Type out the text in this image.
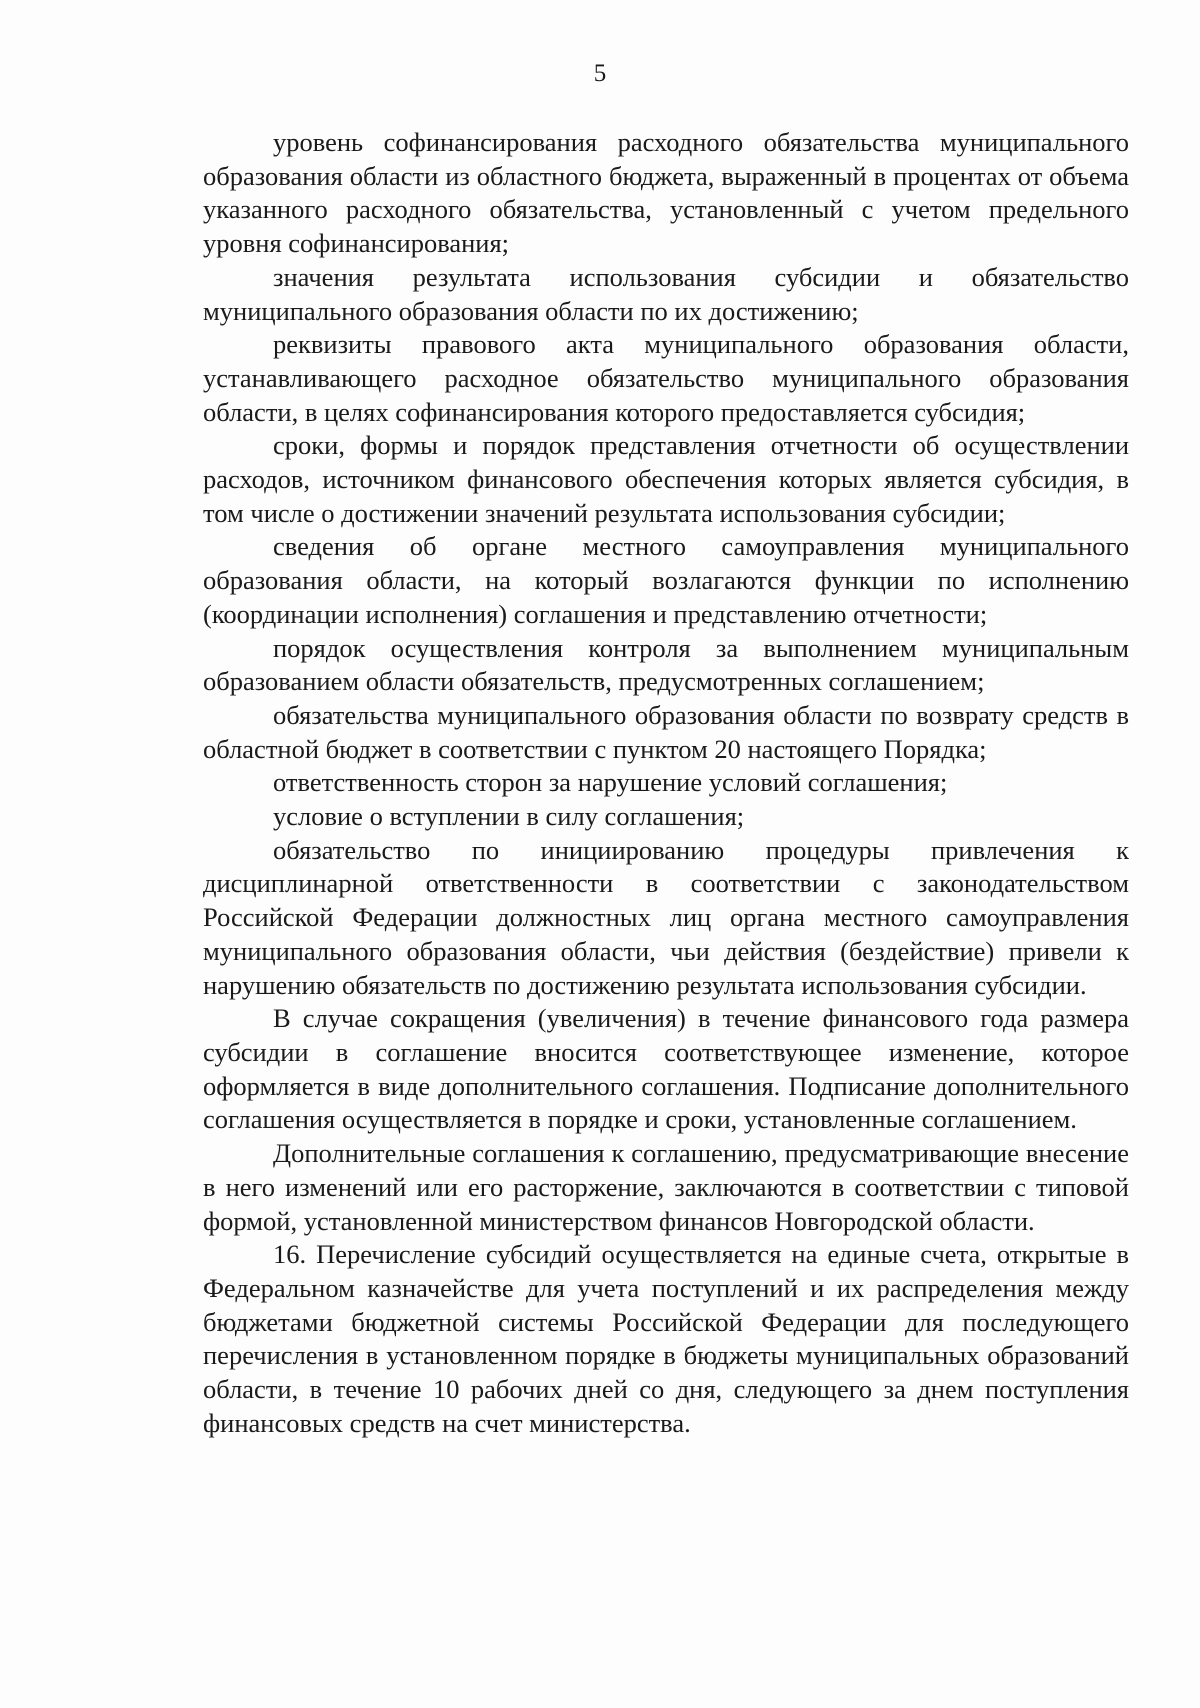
5

уровень софинансирования расходного обязательства муниципального образования области из областного бюджета, выраженный в процентах от объема указанного расходного обязательства, установленный с учетом предельного уровня софинансирования;

значения результата использования субсидии и обязательство муниципального образования области по их достижению;

реквизиты правового акта муниципального образования области, устанавливающего расходное обязательство муниципального образования области, в целях софинансирования которого предоставляется субсидия;

сроки, формы и порядок представления отчетности об осуществлении расходов, источником финансового обеспечения которых является субсидия, в том числе о достижении значений результата использования субсидии;

сведения об органе местного самоуправления муниципального образования области, на который возлагаются функции по исполнению (координации исполнения) соглашения и представлению отчетности;

порядок осуществления контроля за выполнением муниципальным образованием области обязательств, предусмотренных соглашением;

обязательства муниципального образования области по возврату средств в областной бюджет в соответствии с пунктом 20 настоящего Порядка;

ответственность сторон за нарушение условий соглашения;

условие о вступлении в силу соглашения;

обязательство по инициированию процедуры привлечения к дисциплинарной ответственности в соответствии с законодательством Российской Федерации должностных лиц органа местного самоуправления муниципального образования области, чьи действия (бездействие) привели к нарушению обязательств по достижению результата использования субсидии.

В случае сокращения (увеличения) в течение финансового года размера субсидии в соглашение вносится соответствующее изменение, которое оформляется в виде дополнительного соглашения. Подписание дополнительного соглашения осуществляется в порядке и сроки, установленные соглашением.

Дополнительные соглашения к соглашению, предусматривающие внесение в него изменений или его расторжение, заключаются в соответствии с типовой формой, установленной министерством финансов Новгородской области.

16. Перечисление субсидий осуществляется на единые счета, открытые в Федеральном казначействе для учета поступлений и их распределения между бюджетами бюджетной системы Российской Федерации для последующего перечисления в установленном порядке в бюджеты муниципальных образований области, в течение 10 рабочих дней со дня, следующего за днем поступления финансовых средств на счет министерства.
